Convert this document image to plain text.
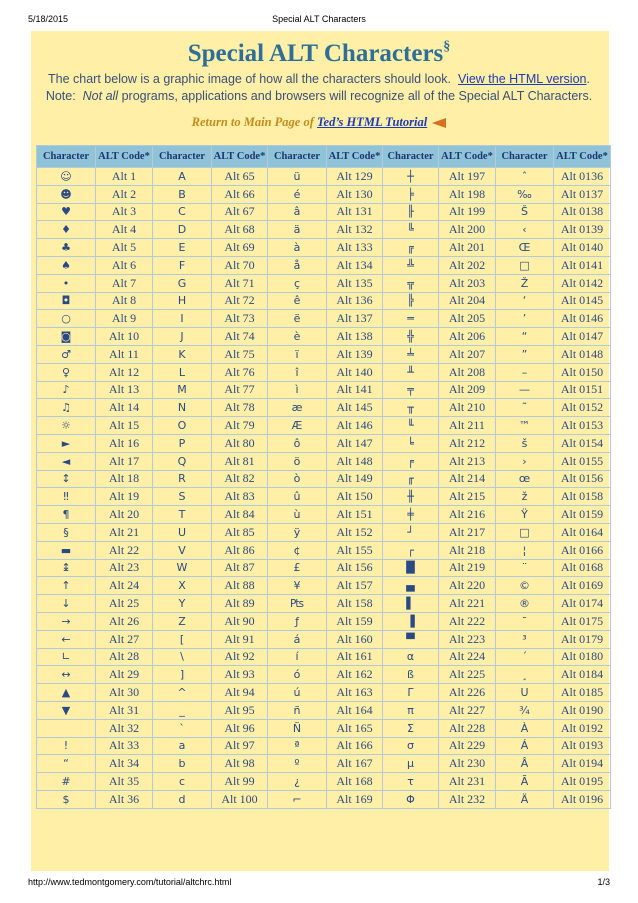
5/18/2015	Special ALT Characters
Special ALT Characters§
The chart below is a graphic image of how all the characters should look. View the HTML version.
Note: Not all programs, applications and browsers will recognize all of the Special ALT Characters.
Return to Main Page of Ted’s HTML Tutorial
Character	ALT Code*	Character	ALT Code*	Character	ALT Code*	Character	ALT Code*	Character	ALT Code*
☺	Alt 1	A	Alt 65	ü	Alt 129	┼	Alt 197	ˆ	Alt 0136
☻	Alt 2	B	Alt 66	é	Alt 130	╞	Alt 198	‰	Alt 0137
♥	Alt 3	C	Alt 67	â	Alt 131	╟	Alt 199	Š	Alt 0138
♦	Alt 4	D	Alt 68	ä	Alt 132	╚	Alt 200	‹	Alt 0139
♣	Alt 5	E	Alt 69	à	Alt 133	╔	Alt 201	Œ	Alt 0140
♠	Alt 6	F	Alt 70	å	Alt 134	╩	Alt 202	□	Alt 0141
•	Alt 7	G	Alt 71	ç	Alt 135	╦	Alt 203	Ž	Alt 0142
◘	Alt 8	H	Alt 72	ê	Alt 136	╠	Alt 204	‘	Alt 0145
○	Alt 9	I	Alt 73	ë	Alt 137	═	Alt 205	’	Alt 0146
◙	Alt 10	J	Alt 74	è	Alt 138	╬	Alt 206	“	Alt 0147
♂	Alt 11	K	Alt 75	ï	Alt 139	╧	Alt 207	”	Alt 0148
♀	Alt 12	L	Alt 76	î	Alt 140	╨	Alt 208	–	Alt 0150
♪	Alt 13	M	Alt 77	ì	Alt 141	╤	Alt 209	—	Alt 0151
♫	Alt 14	N	Alt 78	æ	Alt 145	╥	Alt 210	˜	Alt 0152
☼	Alt 15	O	Alt 79	Æ	Alt 146	╙	Alt 211	™	Alt 0153
►	Alt 16	P	Alt 80	ô	Alt 147	╘	Alt 212	š	Alt 0154
◄	Alt 17	Q	Alt 81	ö	Alt 148	╒	Alt 213	›	Alt 0155
↕	Alt 18	R	Alt 82	ò	Alt 149	╓	Alt 214	œ	Alt 0156
‼	Alt 19	S	Alt 83	û	Alt 150	╫	Alt 215	ž	Alt 0158
¶	Alt 20	T	Alt 84	ù	Alt 151	╪	Alt 216	Ÿ	Alt 0159
§	Alt 21	U	Alt 85	ÿ	Alt 152	┘	Alt 217	□	Alt 0164
▬	Alt 22	V	Alt 86	¢	Alt 155	┌	Alt 218	¦	Alt 0166
↨	Alt 23	W	Alt 87	£	Alt 156	█	Alt 219	¨	Alt 0168
↑	Alt 24	X	Alt 88	¥	Alt 157	▄	Alt 220	©	Alt 0169
↓	Alt 25	Y	Alt 89	₧	Alt 158	▌	Alt 221	®	Alt 0174
→	Alt 26	Z	Alt 90	ƒ	Alt 159	▐	Alt 222	¯	Alt 0175
←	Alt 27	[	Alt 91	á	Alt 160	▀	Alt 223	³	Alt 0179
∟	Alt 28	\	Alt 92	í	Alt 161	α	Alt 224	´	Alt 0180
↔	Alt 29	]	Alt 93	ó	Alt 162	ß	Alt 225	¸	Alt 0184
▲	Alt 30	^	Alt 94	ú	Alt 163	Γ	Alt 226	U	Alt 0185
▼	Alt 31	_	Alt 95	ñ	Alt 164	π	Alt 227	¾	Alt 0190
	Alt 32	`	Alt 96	Ñ	Alt 165	Σ	Alt 228	À	Alt 0192
!	Alt 33	a	Alt 97	ª	Alt 166	σ	Alt 229	Á	Alt 0193
“	Alt 34	b	Alt 98	º	Alt 167	µ	Alt 230	Â	Alt 0194
#	Alt 35	c	Alt 99	¿	Alt 168	τ	Alt 231	Ã	Alt 0195
$	Alt 36	d	Alt 100	⌐	Alt 169	Φ	Alt 232	Ä	Alt 0196
http://www.tedmontgomery.com/tutorial/altchrc.html	1/3
